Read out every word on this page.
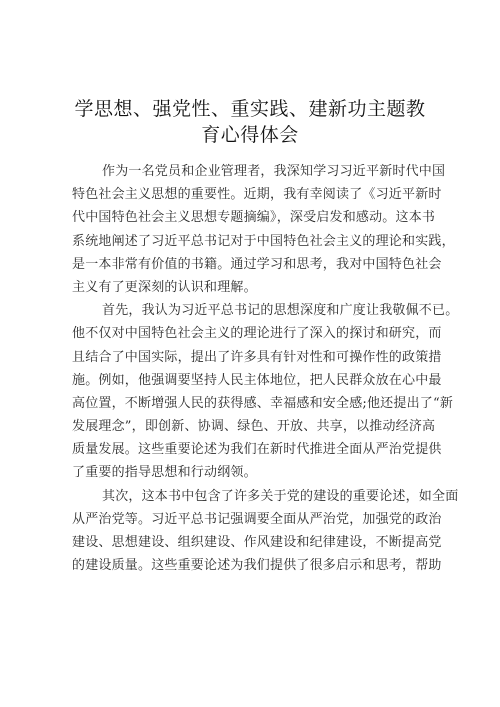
学思想、强党性、重实践、建新功主题教
育心得体会
作为一名党员和企业管理者，我深知学习习近平新时代中国
特色社会主义思想的重要性。近期，我有幸阅读了《习近平新时
代中国特色社会主义思想专题摘编》，深受启发和感动。这本书
系统地阐述了习近平总书记对于中国特色社会主义的理论和实践，
是一本非常有价值的书籍。通过学习和思考，我对中国特色社会
主义有了更深刻的认识和理解。
首先，我认为习近平总书记的思想深度和广度让我敬佩不已。
他不仅对中国特色社会主义的理论进行了深入的探讨和研究，而
且结合了中国实际，提出了许多具有针对性和可操作性的政策措
施。例如，他强调要坚持人民主体地位，把人民群众放在心中最
高位置，不断增强人民的获得感、幸福感和安全感;他还提出了“新
发展理念”，即创新、协调、绿色、开放、共享，以推动经济高
质量发展。这些重要论述为我们在新时代推进全面从严治党提供
了重要的指导思想和行动纲领。
其次，这本书中包含了许多关于党的建设的重要论述，如全面
从严治党等。习近平总书记强调要全面从严治党，加强党的政治
建设、思想建设、组织建设、作风建设和纪律建设，不断提高党
的建设质量。这些重要论述为我们提供了很多启示和思考，帮助
